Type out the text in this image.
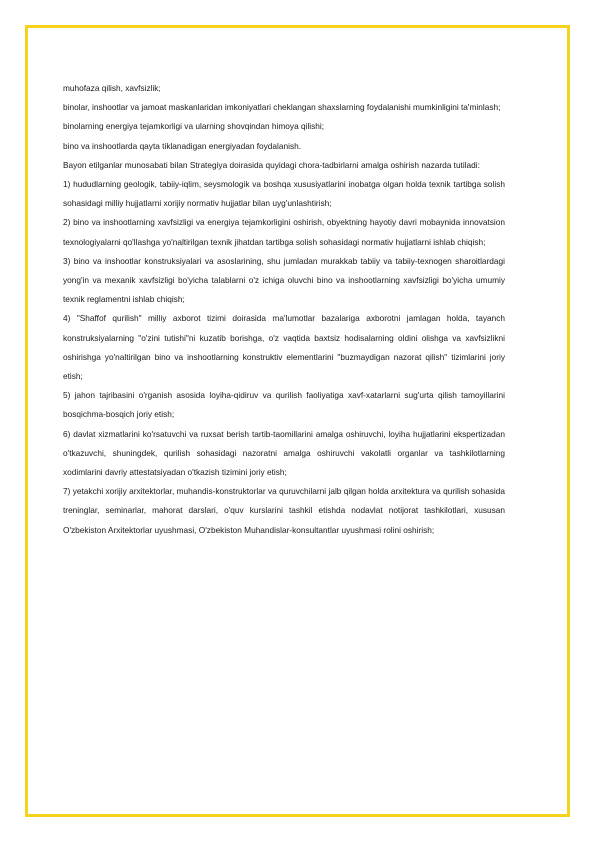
muhofaza qilish, xavfsizlik;

binolar, inshootlar va jamoat maskanlaridan imkoniyatlari cheklangan shaxslarning foydalanishi mumkinligini ta'minlash;

binolarning energiya tejamkorligi va ularning shovqindan himoya qilishi;

bino va inshootlarda qayta tiklanadigan energiyadan foydalanish.

Bayon etilganlar munosabati bilan Strategiya doirasida quyidagi chora-tadbirlarni amalga oshirish nazarda tutiladi:

1) hududlarning geologik, tabiiy-iqlim, seysmologik va boshqa xususiyatlarini inobatga olgan holda texnik tartibga solish sohasidagi milliy hujjatlarni xorijiy normativ hujjatlar bilan uyg'unlashtirish;

2) bino va inshootlarning xavfsizligi va energiya tejamkorligini oshirish, obyektning hayotiy davri mobaynida innovatsion texnologiyalarni qo'llashga yo'naltirilgan texnik jihatdan tartibga solish sohasidagi normativ hujjatlarni ishlab chiqish;

3) bino va inshootlar konstruksiyalari va asoslarining, shu jumladan murakkab tabiiy va tabiiy-texnogen sharoitlardagi yong'in va mexanik xavfsizligi bo'yicha talablarni o'z ichiga oluvchi bino va inshootlarning xavfsizligi bo'yicha umumiy texnik reglamentni ishlab chiqish;

4) "Shaffof qurilish" milliy axborot tizimi doirasida ma'lumotlar bazalariga axborotni jamlagan holda, tayanch konstruksiyalarning "o'zini tutishi"ni kuzatib borishga, o'z vaqtida baxtsiz hodisalarning oldini olishga va xavfsizlikni oshirishga yo'naltirilgan bino va inshootlarning konstruktiv elementlarini "buzmaydigan nazorat qilish" tizimlarini joriy etish;

5) jahon tajribasini o'rganish asosida loyiha-qidiruv va qurilish faoliyatiga xavf-xatarlarni sug'urta qilish tamoyillarini bosqichma-bosqich joriy etish;

6) davlat xizmatlarini ko'rsatuvchi va ruxsat berish tartib-taomillarini amalga oshiruvchi, loyiha hujjatlarini ekspertizadan o'tkazuvchi, shuningdek, qurilish sohasidagi nazoratni amalga oshiruvchi vakolatli organlar va tashkilotlarning xodimlarini davriy attestatsiyadan o'tkazish tizimini joriy etish;

7) yetakchi xorijiy arxitektorlar, muhandis-konstruktorlar va quruvchilarni jalb qilgan holda arxitektura va qurilish sohasida treninglar, seminarlar, mahorat darslari, o'quv kurslarini tashkil etishda nodavlat notijorat tashkilotlari, xususan O'zbekiston Arxitektorlar uyushmasi, O'zbekiston Muhandislar-konsultantlar uyushmasi rolini oshirish;
